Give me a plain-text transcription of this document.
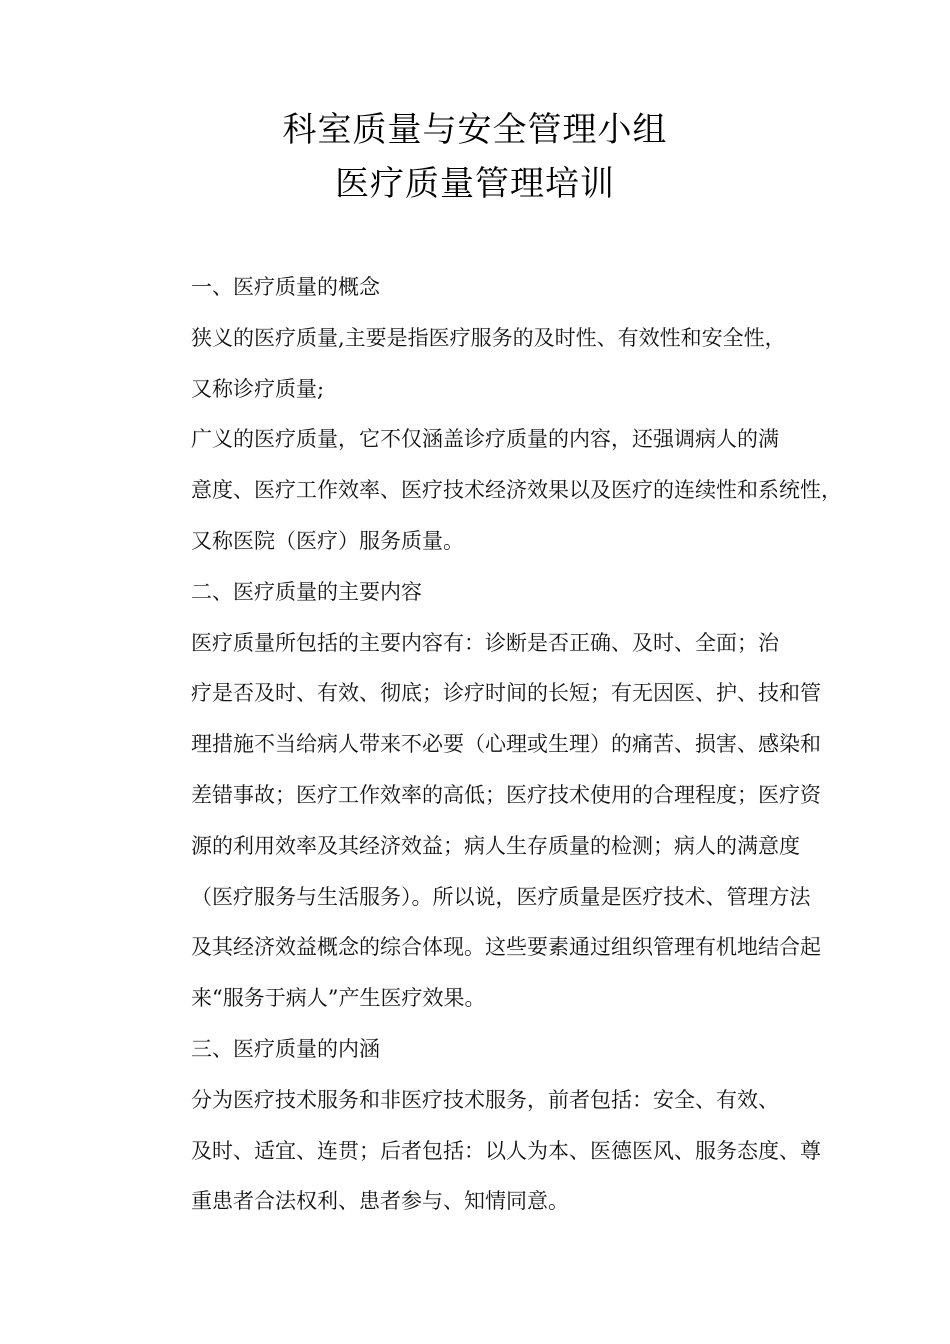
科室质量与安全管理小组
医疗质量管理培训
一、医疗质量的概念
狭义的医疗质量,主要是指医疗服务的及时性、有效性和安全性，
又称诊疗质量;
广义的医疗质量，它不仅涵盖诊疗质量的内容，还强调病人的满
意度、医疗工作效率、医疗技术经济效果以及医疗的连续性和系统性，
又称医院（医疗）服务质量。
二、医疗质量的主要内容
医疗质量所包括的主要内容有：诊断是否正确、及时、全面；治
疗是否及时、有效、彻底；诊疗时间的长短；有无因医、护、技和管
理措施不当给病人带来不必要（心理或生理）的痛苦、损害、感染和
差错事故；医疗工作效率的高低；医疗技术使用的合理程度；医疗资
源的利用效率及其经济效益；病人生存质量的检测；病人的满意度
（医疗服务与生活服务）。所以说，医疗质量是医疗技术、管理方法
及其经济效益概念的综合体现。这些要素通过组织管理有机地结合起
来“服务于病人”产生医疗效果。
三、医疗质量的内涵
分为医疗技术服务和非医疗技术服务，前者包括：安全、有效、
及时、适宜、连贯；后者包括：以人为本、医德医风、服务态度、尊
重患者合法权利、患者参与、知情同意。
